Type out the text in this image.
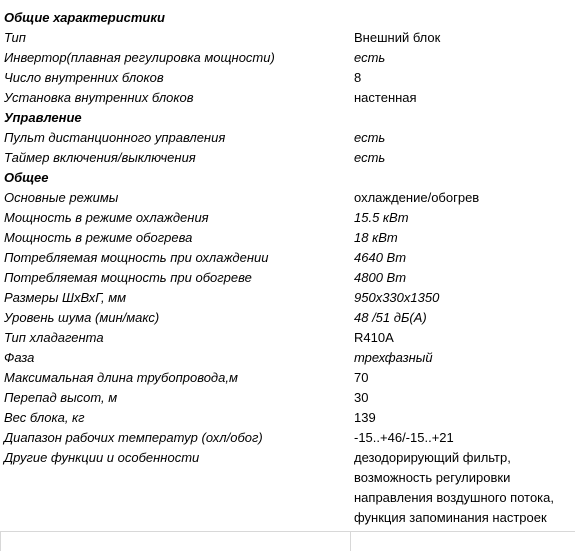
Общие характеристики
Тип	Внешний блок
Инвертор(плавная регулировка мощности)	есть
Число внутренних блоков	8
Установка внутренних блоков	настенная
Управление
Пульт дистанционного управления	есть
Таймер включения/выключения	есть
Общее
Основные режимы	охлаждение/обогрев
Мощность в режиме охлаждения	15.5 кВт
Мощность в режиме обогрева	18 кВт
Потребляемая мощность при охлаждении	4640 Вт
Потребляемая мощность при обогреве	4800 Вт
Размеры ШхВхГ, мм	950x330x1350
Уровень шума (мин/макс)	48 /51 дБ(А)
Тип хладагента	R410A
Фаза	трехфазный
Максимальная длина трубопровода,м	70
Перепад высот, м	30
Вес блока, кг	139
Диапазон рабочих температур (охл/обог)	-15..+46/-15..+21
Другие функции и особенности	дезодорирующий фильтр,
возможность регулировки
направления воздушного потока,
функция запоминания настроек
